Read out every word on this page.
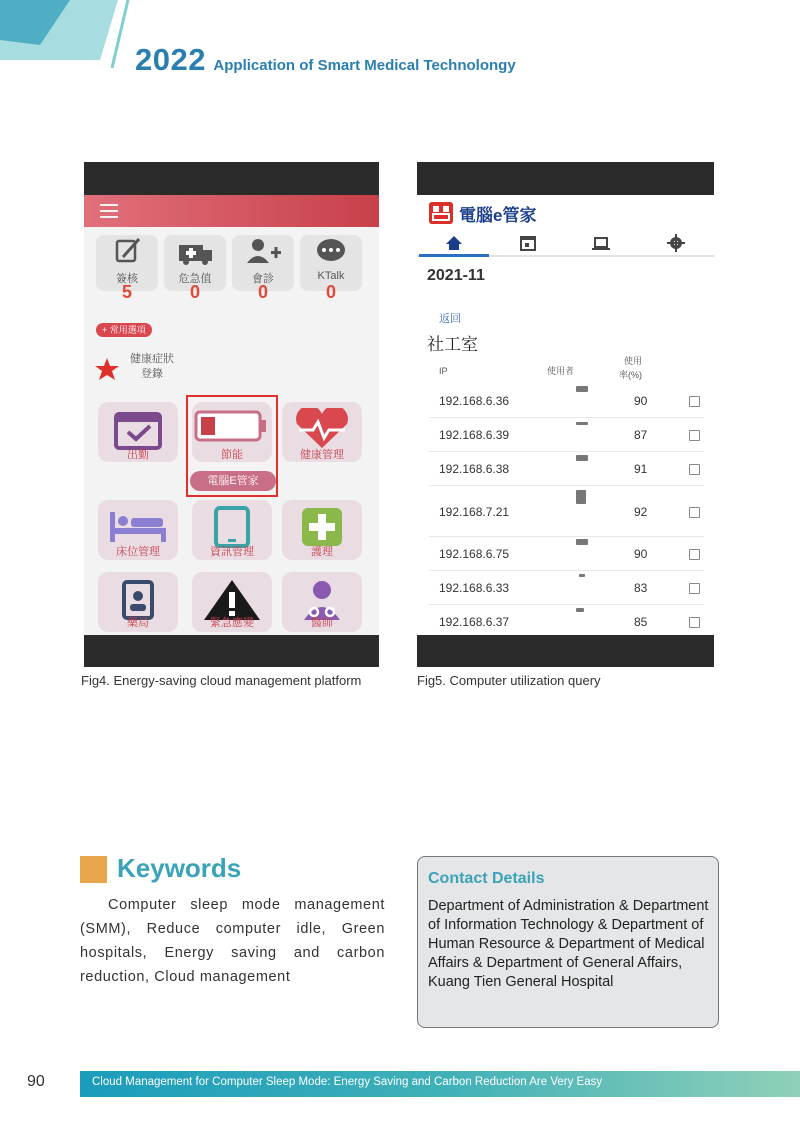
2022 Application of Smart Medical Technolongy
簽核	危急值	會診	KTalk
5	0	0	0
+ 常用選項
健康症狀
登錄
出勤	節能	健康管理
電腦E管家
床位管理	資訊管理	護理
藥局	緊急應變	醫師
電腦e管家
2021-11
返回
社工室
IP	使用者
使用
率(%)
192.168.6.36	90
192.168.6.39	87
192.168.6.38	91
192.168.7.21	92
192.168.6.75	90
192.168.6.33	83
192.168.6.37	85
Fig4. Energy-saving cloud management platform	Fig5. Computer utilization query
Keywords
Computer sleep mode management (SMM), Reduce computer idle, Green hospitals, Energy saving and carbon reduction, Cloud management
Contact Details
Department of Administration & Department of Information Technology & Department of Human Resource & Department of Medical Affairs & Department of General Affairs, Kuang Tien General Hospital
90	Cloud Management for Computer Sleep Mode: Energy Saving and Carbon Reduction Are Very Easy
